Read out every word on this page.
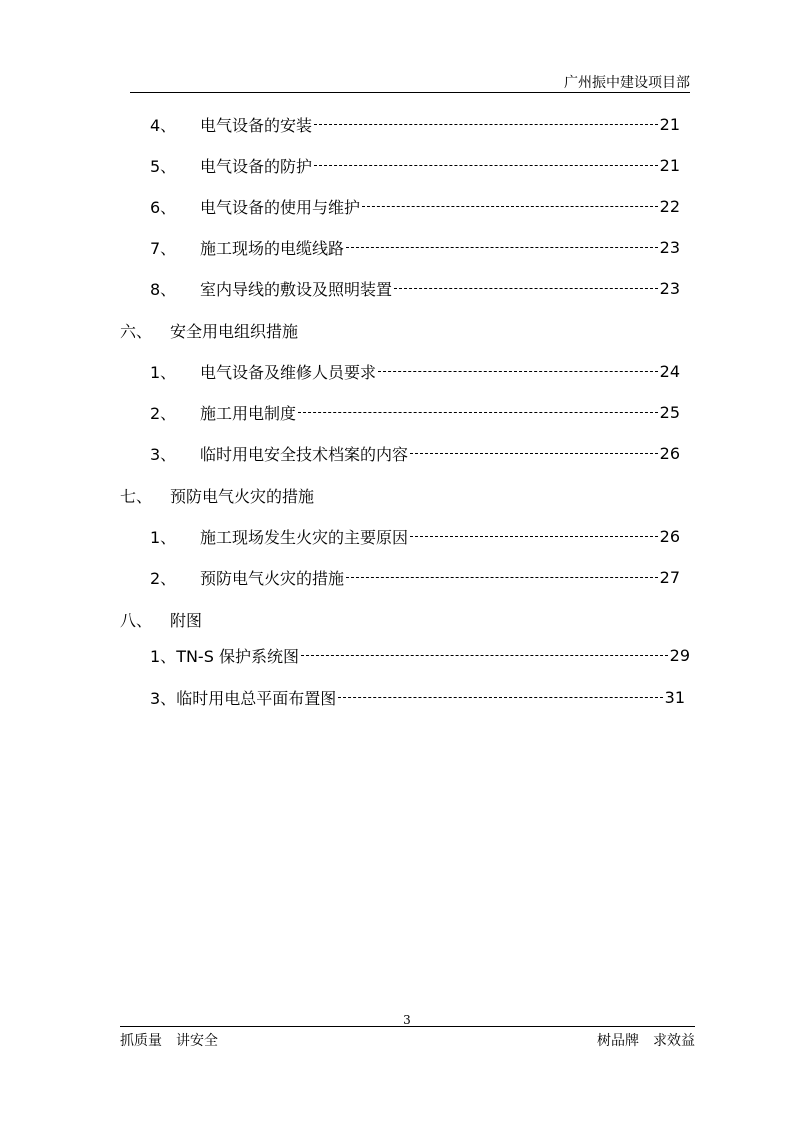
广州振中建设项目部
4、	电气设备的安装	21
5、	电气设备的防护	21
6、	电气设备的使用与维护	22
7、	施工现场的电缆线路	23
8、	室内导线的敷设及照明装置	23
六、	安全用电组织措施
1、	电气设备及维修人员要求	24
2、	施工用电制度	25
3、	临时用电安全技术档案的内容	26
七、	预防电气火灾的措施
1、	施工现场发生火灾的主要原因	26
2、	预防电气火灾的措施	27
八、	附图
1、 TN-S 保护系统图	29
3、 临时用电总平面布置图	31
3
抓质量　讲安全	树品牌　求效益
